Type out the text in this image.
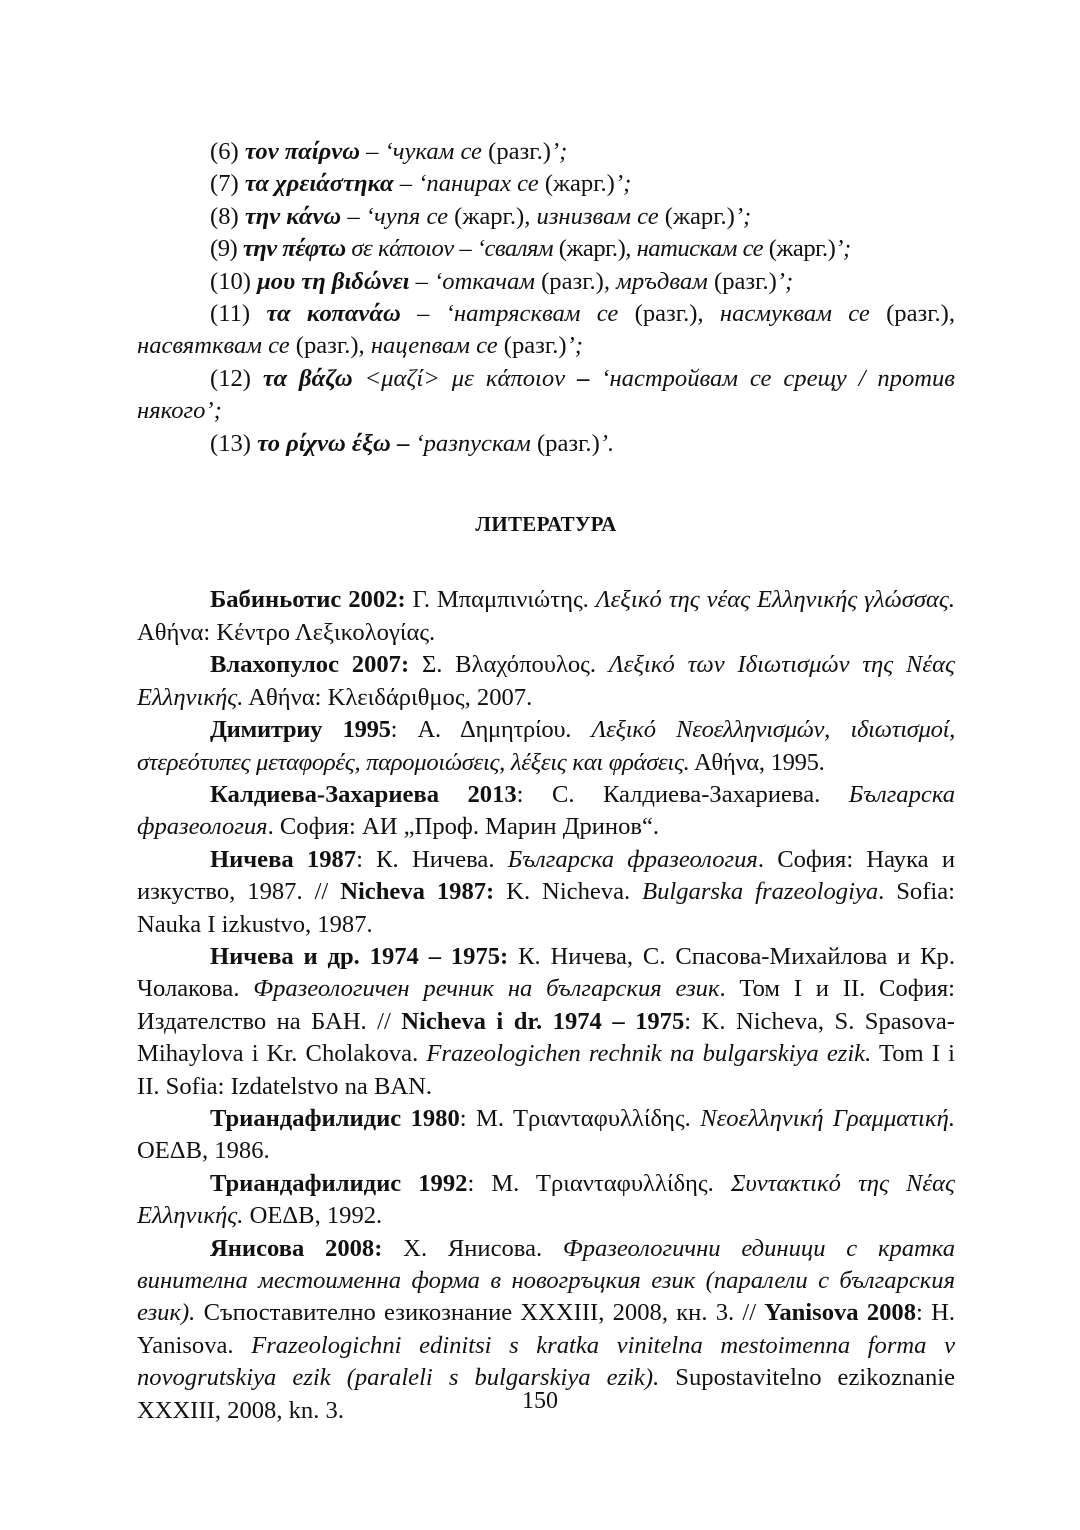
(6) τον παίρνω – ‘чукам се (разг.)’;

(7) τα χρειάστηκα – ‘панирах се (жарг.)’;

(8) την κάνω – ‘чупя се (жарг.), изнизвам се (жарг.)’;

(9) την πέφτω σε κάποιον – ‘свалям (жарг.), натискам се (жарг.)’;

(10) μου τη βιδώνει – ‘откачам (разг.), мръдвам (разг.)’;

(11) τα κοπανάω – ‘натрясквам се (разг.), насмуквам се (разг.), насвятквам се (разг.), нацепвам се (разг.)’;

(12) τα βάζω <μαζί> με κάποιον – ‘настройвам се срещу / против някого’;

(13) το ρίχνω έξω – ‘разпускам (разг.)’.

ЛИТЕРАТУРА

Бабиньотис 2002: Γ. Μπαμπινιώτης. Λεξικό της νέας Ελληνικής γλώσσας. Αθήνα: Κέντρο Λεξικολογίας.

Влахопулос 2007: Σ. Βλαχόπουλος. Λεξικό των Ιδιωτισμών της Νέας Ελληνικής. Αθήνα: Κλειδάριθμος, 2007.

Димитриу 1995: Α. Δημητρίου. Λεξικό Νεοελληνισμών, ιδιωτισμοί, στερεότυπες μεταφορές, παρομοιώσεις, λέξεις και φράσεις. Αθήνα, 1995.

Калдиева-Захариева 2013: С. Калдиева-Захариева. Българска фразеология. София: АИ „Проф. Марин Дринов“.

Ничева 1987: К. Ничева. Българска фразеология. София: Наука и изкуство, 1987. // Nicheva 1987: K. Nicheva. Bulgarska frazeologiya. Sofia: Nauka I izkustvo, 1987.

Ничева и др. 1974 – 1975: К. Ничева, С. Спасова-Михайлова и Кр. Чолакова. Фразеологичен речник на българския език. Том I и II. София: Издателство на БАН. // Nicheva i dr. 1974 – 1975: K. Nicheva, S. Spasova-Mihaylova i Kr. Cholakova. Frazeologichen rechnik na bulgarskiya ezik. Tom I i II. Sofia: Izdatelstvo na BAN.

Триандафилидис 1980: Μ. Τριανταφυλλίδης. Νεοελληνική Γραμματική. ΟΕΔΒ, 1986.

Триандафилидис 1992: Μ. Τριανταφυλλίδης. Συντακτικό της Νέας Ελληνικής. ΟΕΔΒ, 1992.

Янисова 2008: Х. Янисова. Фразеологични единици с кратка винителна местоименна форма в новогръцкия език (паралели с българския език). Съпоставително езикознание XXXIII, 2008, кн. 3. // Yanisova 2008: H. Yanisova. Frazeologichni edinitsi s kratka vinitelna mestoimenna forma v novogrutskiya ezik (paraleli s bulgarskiya ezik). Supostavitelno ezikoznanie XXXIII, 2008, kn. 3.	150
